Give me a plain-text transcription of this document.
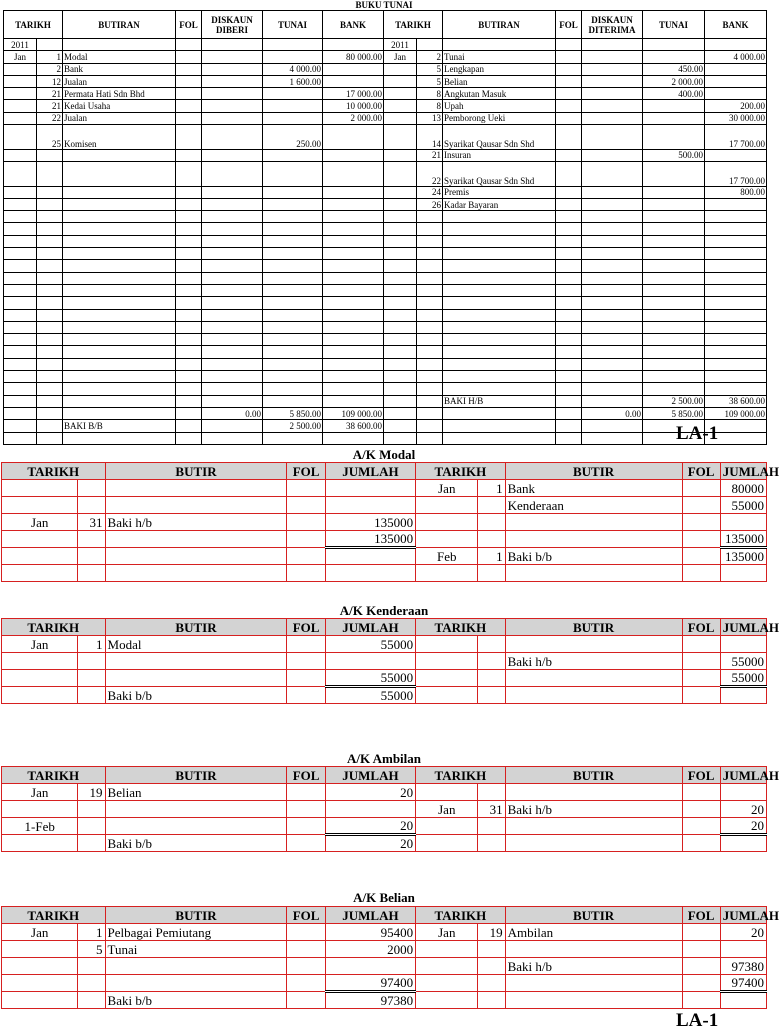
BUKU TUNAI
TARIKH		BUTIRAN	FOL	DISKAUN DIBERI	TUNAI	BANK	TARIKH		BUTIRAN	FOL	DISKAUN DITERIMA	TUNAI	BANK
2011							2011						
Jan	1	Modal				80 000.00	Jan	2	Tunai				4 000.00
	2	Bank			4 000.00			5	Lengkapan			450.00	
	12	Jualan			1 600.00			5	Belian			2 000.00	
	21	Permata Hati Sdn Bhd				17 000.00		8	Angkutan Masuk			400.00	
	21	Kedai Usaha				10 000.00		8	Upah				200.00
	22	Jualan				2 000.00		13	Pemborong Ueki				30 000.00
	25	Komisen			250.00			14	Syarikat Qausar Sdn Shd				17 700.00
								21	Insuran			500.00	
								22	Syarikat Qausar Sdn Shd				17 700.00
								24	Premis				800.00
								26	Kadar Bayaran				

									BAKI H/B			2 500.00	38 600.00
				0.00	5 850.00	109 000.00					0.00	5 850.00	109 000.00
		BAKI B/B			2 500.00	38 600.00							
														LA-1
A/K Modal
TARIKH		BUTIR	FOL	JUMLAH	TARIKH		BUTIR	FOL	JUMLAH
					Jan	1	Bank		80000
							Kenderaan		55000
Jan	31	Baki h/b		135000					
				135000					135000
					Feb	1	Baki b/b		135000

A/K Kenderaan
TARIKH		BUTIR	FOL	JUMLAH	TARIKH		BUTIR	FOL	JUMLAH
Jan	1	Modal		55000					
							Baki h/b		55000
				55000					55000
		Baki b/b		55000					
A/K Ambilan
TARIKH		BUTIR	FOL	JUMLAH	TARIKH		BUTIR	FOL	JUMLAH
Jan	19	Belian		20					
					Jan	31	Baki h/b		20
1-Feb				20					20
		Baki b/b		20					
A/K Belian
TARIKH		BUTIR	FOL	JUMLAH	TARIKH		BUTIR	FOL	JUMLAH
Jan	1	Pelbagai Pemiutang		95400	Jan	19	Ambilan		20
	5	Tunai		2000					
							Baki h/b		97380
				97400					97400
		Baki b/b		97380					
LA-1
